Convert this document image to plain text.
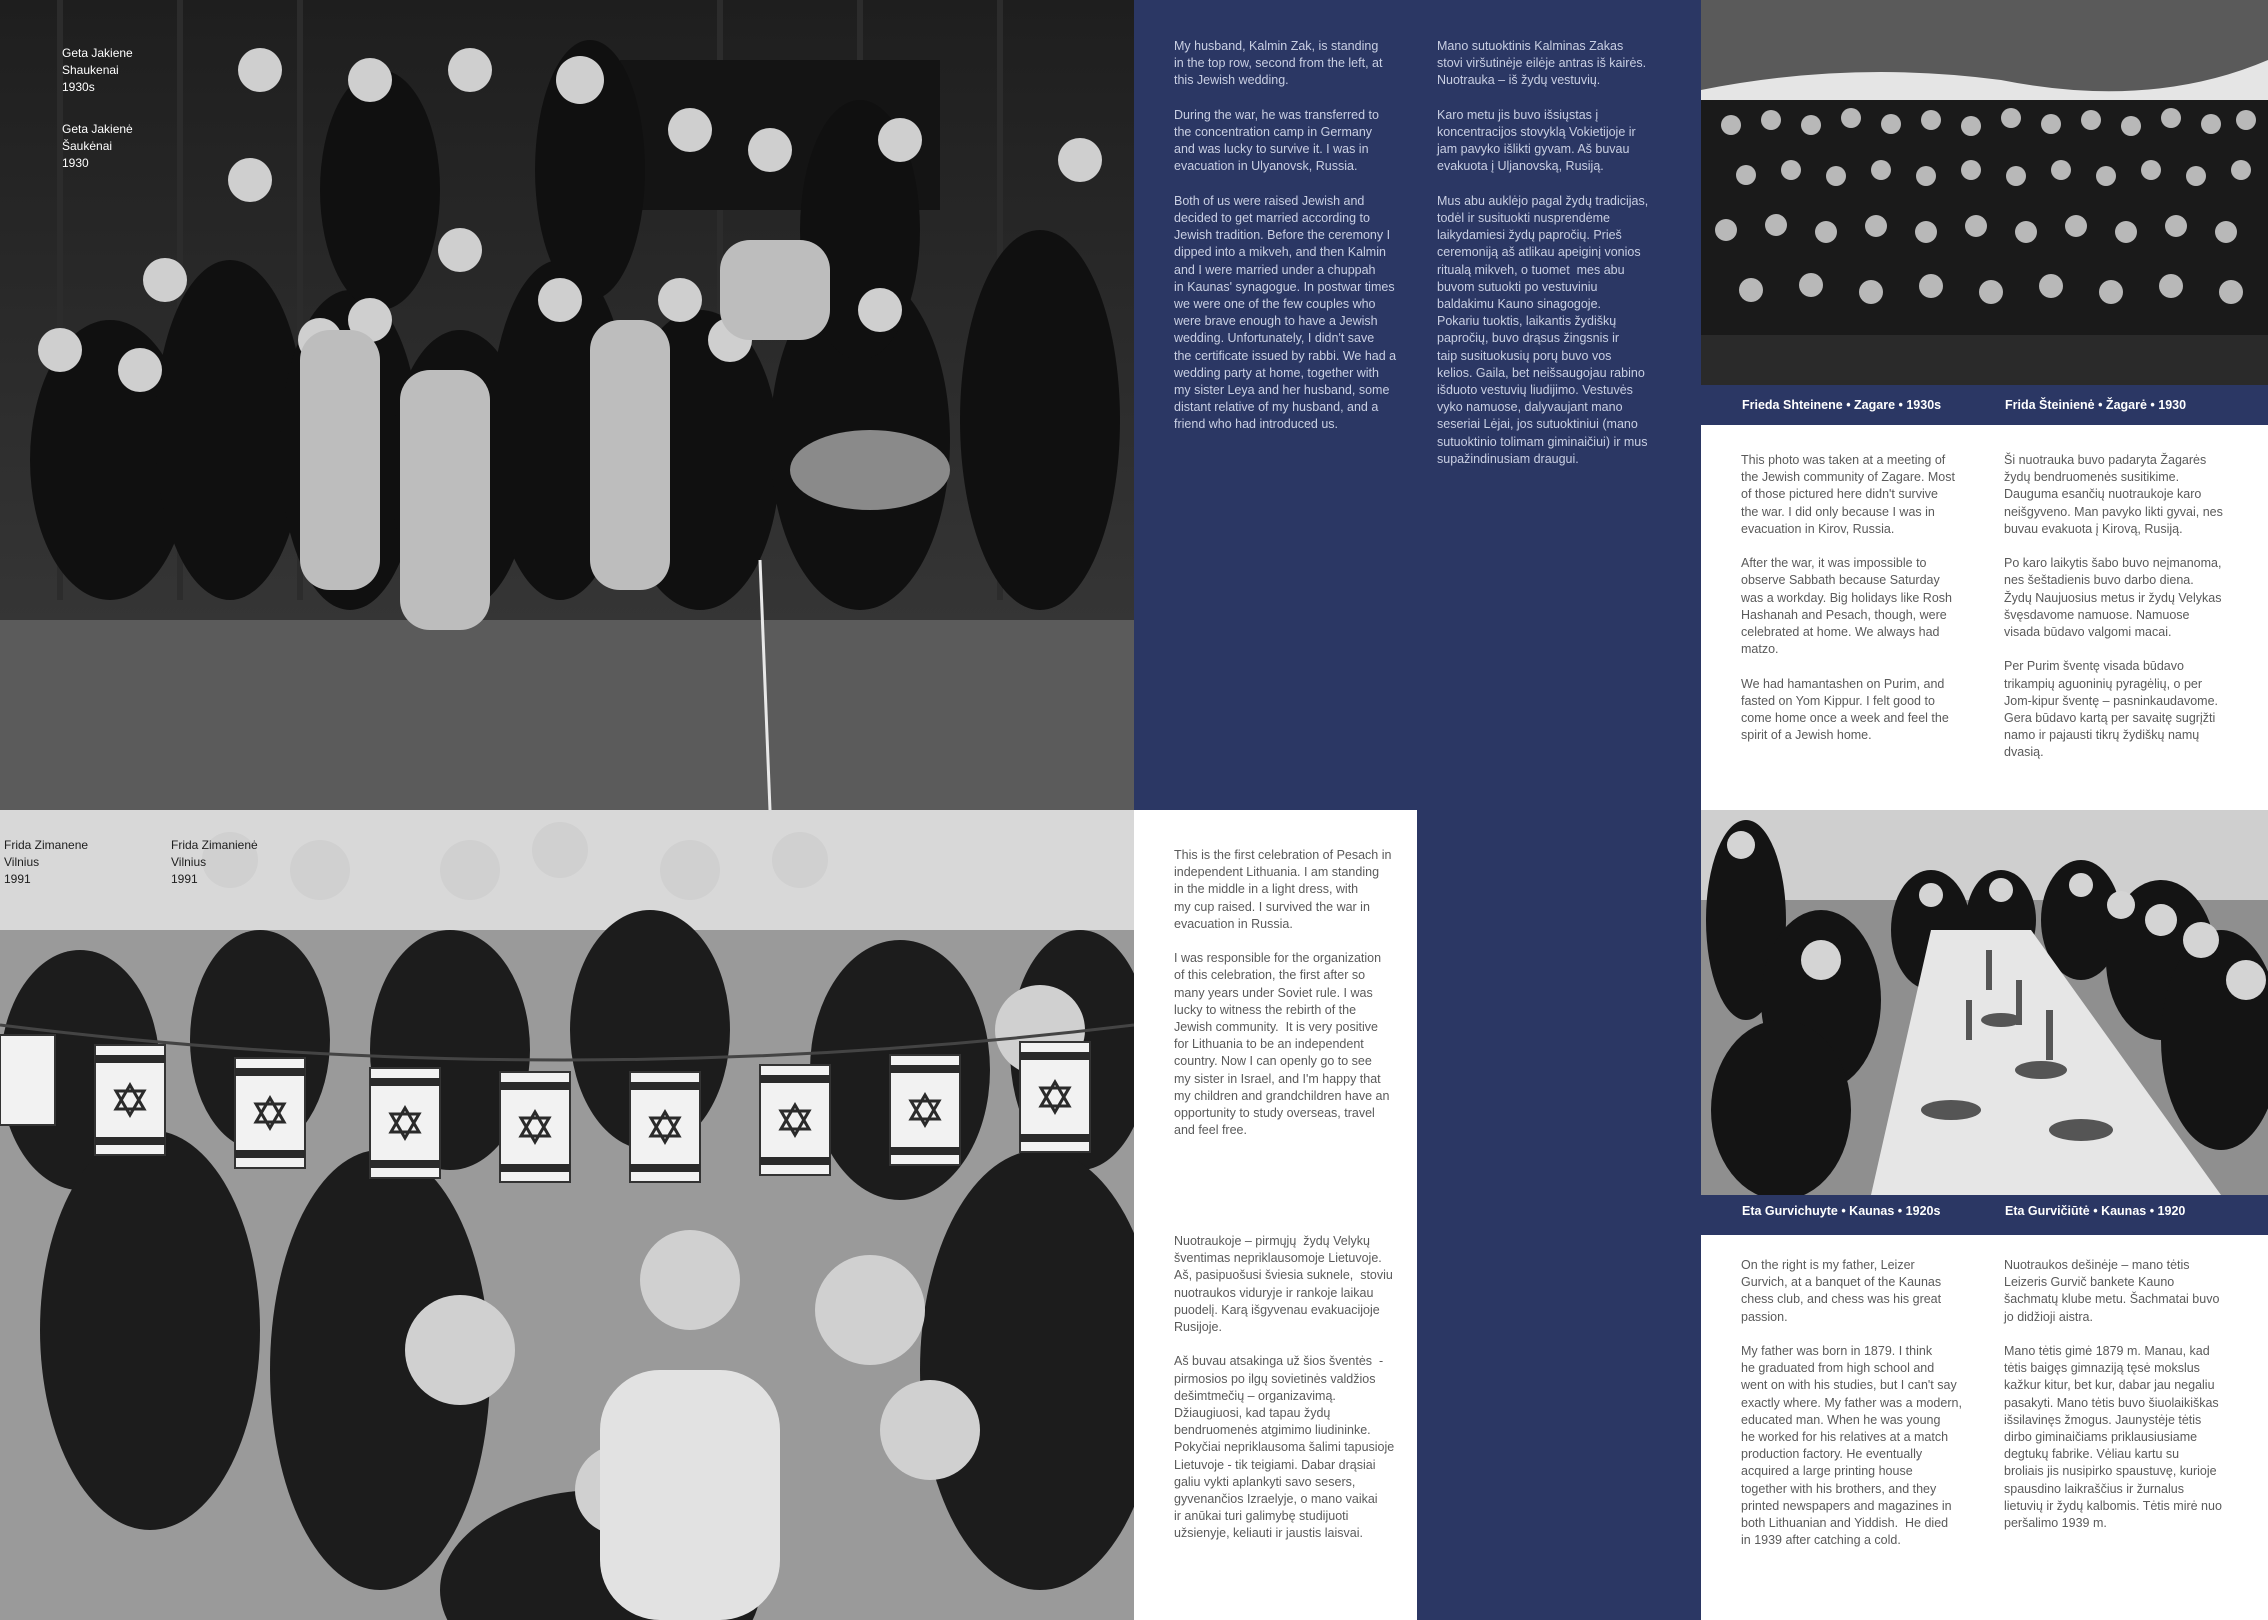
Geta Jakiene
Shaukenai
1930s
Geta Jakienė
Šaukėnai
1930

My husband, Kalmin Zak, is standing
in the top row, second from the left, at
this Jewish wedding.

During the war, he was transferred to
the concentration camp in Germany
and was lucky to survive it. I was in
evacuation in Ulyanovsk, Russia.

Both of us were raised Jewish and
decided to get married according to
Jewish tradition. Before the ceremony I
dipped into a mikveh, and then Kalmin
and I were married under a chuppah
in Kaunas' synagogue. In postwar times
we were one of the few couples who
were brave enough to have a Jewish
wedding. Unfortunately, I didn't save
the certificate issued by rabbi. We had a
wedding party at home, together with
my sister Leya and her husband, some
distant relative of my husband, and a
friend who had introduced us.

Mano sutuoktinis Kalminas Zakas
stovi viršutinėje eilėje antras iš kairės.
Nuotrauka – iš žydų vestuvių.

Karo metu jis buvo išsiųstas į
koncentracijos stovyklą Vokietijoje ir
jam pavyko išlikti gyvam. Aš buvau
evakuota į Uljanovską, Rusiją.

Mus abu auklėjo pagal žydų tradicijas,
todėl ir susituokti nusprendėme
laikydamiesi žydų papročių. Prieš
ceremoniją aš atlikau apeiginį vonios
ritualą mikveh, o tuomet  mes abu
buvom sutuokti po vestuviniu
baldakimu Kauno sinagogoje.
Pokariu tuoktis, laikantis žydiškų
papročių, buvo drąsus žingsnis ir
taip susituokusių porų buvo vos
kelios. Gaila, bet neišsaugojau rabino
išduoto vestuvių liudijimo. Vestuvės
vyko namuose, dalyvaujant mano
seseriai Lėjai, jos sutuoktiniui (mano
sutuoktinio tolimam giminaičiui) ir mus
supažindinusiam draugui.

Frieda Shteinene • Zagare • 1930s	Frida Šteinienė • Žagarė • 1930

This photo was taken at a meeting of
the Jewish community of Zagare. Most
of those pictured here didn't survive
the war. I did only because I was in
evacuation in Kirov, Russia.

After the war, it was impossible to
observe Sabbath because Saturday
was a workday. Big holidays like Rosh
Hashanah and Pesach, though, were
celebrated at home. We always had
matzo.

We had hamantashen on Purim, and
fasted on Yom Kippur. I felt good to
come home once a week and feel the
spirit of a Jewish home.

Ši nuotrauka buvo padaryta Žagarės
žydų bendruomenės susitikime.
Dauguma esančių nuotraukoje karo
neišgyveno. Man pavyko likti gyvai, nes
buvau evakuota į Kirovą, Rusiją.

Po karo laikytis šabo buvo neįmanoma,
nes šeštadienis buvo darbo diena.
Žydų Naujuosius metus ir žydų Velykas
švęsdavome namuose. Namuose
visada būdavo valgomi macai.

Per Purim šventę visada būdavo
trikampių aguoninių pyragėlių, o per
Jom-kipur šventę – pasninkaudavome.
Gera būdavo kartą per savaitę sugrįžti
namo ir pajausti tikrų žydiškų namų
dvasią.

Frida Zimanene
Vilnius
1991
Frida Zimanienė
Vilnius
1991

This is the first celebration of Pesach in
independent Lithuania. I am standing
in the middle in a light dress, with
my cup raised. I survived the war in
evacuation in Russia.

I was responsible for the organization
of this celebration, the first after so
many years under Soviet rule. I was
lucky to witness the rebirth of the
Jewish community.  It is very positive
for Lithuania to be an independent
country. Now I can openly go to see
my sister in Israel, and I'm happy that
my children and grandchildren have an
opportunity to study overseas, travel
and feel free.

Nuotraukoje – pirmųjų  žydų Velykų
šventimas nepriklausomoje Lietuvoje.
Aš, pasipuošusi šviesia suknele,  stoviu
nuotraukos viduryje ir rankoje laikau
puodelį. Karą išgyvenau evakuacijoje
Rusijoje.

Aš buvau atsakinga už šios šventės  -
pirmosios po ilgų sovietinės valdžios
dešimtmečių – organizavimą.
Džiaugiuosi, kad tapau žydų
bendruomenės atgimimo liudininke.
Pokyčiai nepriklausoma šalimi tapusioje
Lietuvoje - tik teigiami. Dabar drąsiai
galiu vykti aplankyti savo sesers,
gyvenančios Izraelyje, o mano vaikai
ir anūkai turi galimybę studijuoti
užsienyje, keliauti ir jaustis laisvai.

Eta Gurvichuyte • Kaunas • 1920s	Eta Gurvičiūtė • Kaunas • 1920

On the right is my father, Leizer
Gurvich, at a banquet of the Kaunas
chess club, and chess was his great
passion.

My father was born in 1879. I think
he graduated from high school and
went on with his studies, but I can't say
exactly where. My father was a modern,
educated man. When he was young
he worked for his relatives at a match
production factory. He eventually
acquired a large printing house
together with his brothers, and they
printed newspapers and magazines in
both Lithuanian and Yiddish.  He died
in 1939 after catching a cold.

Nuotraukos dešinėje – mano tėtis
Leizeris Gurvič bankete Kauno
šachmatų klube metu. Šachmatai buvo
jo didžioji aistra.

Mano tėtis gimė 1879 m. Manau, kad
tėtis baigęs gimnaziją tęsė mokslus
kažkur kitur, bet kur, dabar jau negaliu
pasakyti. Mano tėtis buvo šiuolaikiškas
išsilavinęs žmogus. Jaunystėje tėtis
dirbo giminaičiams priklausiusiame
degtukų fabrike. Vėliau kartu su
broliais jis nusipirko spaustuvę, kurioje
spausdino laikraščius ir žurnalus
lietuvių ir žydų kalbomis. Tėtis mirė nuo
peršalimo 1939 m.
